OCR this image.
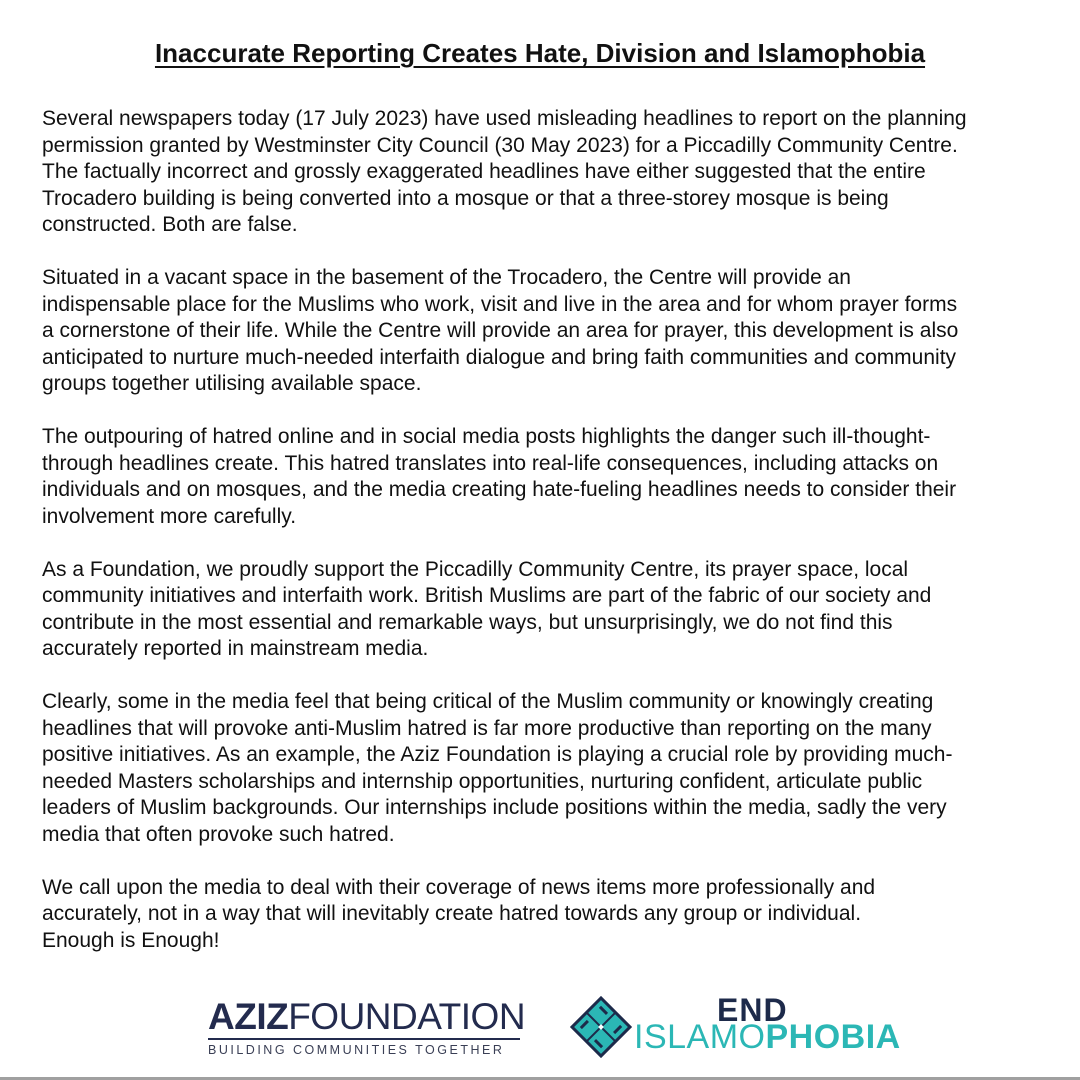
Inaccurate Reporting Creates Hate, Division and Islamophobia

Several newspapers today (17 July 2023) have used misleading headlines to report on the planning
permission granted by Westminster City Council (30 May 2023) for a Piccadilly Community Centre.
The factually incorrect and grossly exaggerated headlines have either suggested that the entire
Trocadero building is being converted into a mosque or that a three-storey mosque is being
constructed. Both are false.

Situated in a vacant space in the basement of the Trocadero, the Centre will provide an
indispensable place for the Muslims who work, visit and live in the area and for whom prayer forms
a cornerstone of their life. While the Centre will provide an area for prayer, this development is also
anticipated to nurture much-needed interfaith dialogue and bring faith communities and community
groups together utilising available space.

The outpouring of hatred online and in social media posts highlights the danger such ill-thought-
through headlines create. This hatred translates into real-life consequences, including attacks on
individuals and on mosques, and the media creating hate-fueling headlines needs to consider their
involvement more carefully.

As a Foundation, we proudly support the Piccadilly Community Centre, its prayer space, local
community initiatives and interfaith work. British Muslims are part of the fabric of our society and
contribute in the most essential and remarkable ways, but unsurprisingly, we do not find this
accurately reported in mainstream media.

Clearly, some in the media feel that being critical of the Muslim community or knowingly creating
headlines that will provoke anti-Muslim hatred is far more productive than reporting on the many
positive initiatives. As an example, the Aziz Foundation is playing a crucial role by providing much-
needed Masters scholarships and internship opportunities, nurturing confident, articulate public
leaders of Muslim backgrounds. Our internships include positions within the media, sadly the very
media that often provoke such hatred.

We call upon the media to deal with their coverage of news items more professionally and
accurately, not in a way that will inevitably create hatred towards any group or individual.
Enough is Enough!

AZIZFOUNDATION
BUILDING COMMUNITIES TOGETHER
END
ISLAMOPHOBIA
